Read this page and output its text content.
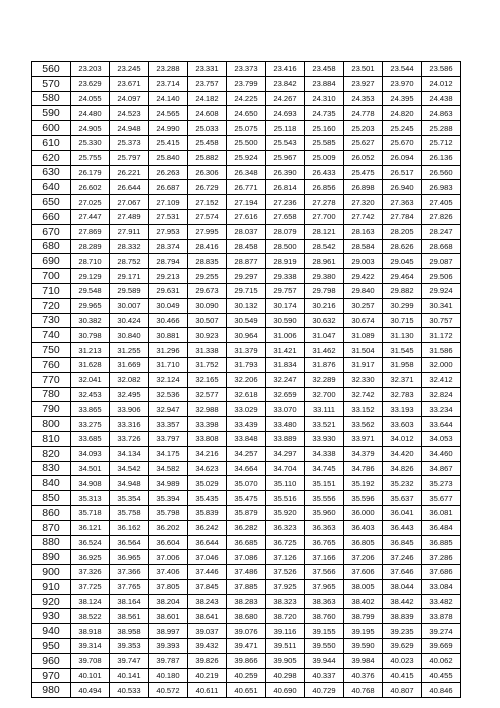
560	23.203	23.245	23.288	23.331	23.373	23.416	23.458	23.501	23.544	23.586
570	23.629	23.671	23.714	23.757	23.799	23.842	23.884	23.927	23.970	24.012
580	24.055	24.097	24.140	24.182	24.225	24.267	24.310	24.353	24.395	24.438
590	24.480	24.523	24.565	24.608	24.650	24.693	24.735	24.778	24.820	24.863
600	24.905	24.948	24.990	25.033	25.075	25.118	25.160	25.203	25.245	25.288
610	25.330	25.373	25.415	25.458	25.500	25.543	25.585	25.627	25.670	25.712
620	25.755	25.797	25.840	25.882	25.924	25.967	25.009	26.052	26.094	26.136
630	26.179	26.221	26.263	26.306	26.348	26.390	26.433	25.475	26.517	26.560
640	26.602	26.644	26.687	26.729	26.771	26.814	26.856	26.898	26.940	26.983
650	27.025	27.067	27.109	27.152	27.194	27.236	27.278	27.320	27.363	27.405
660	27.447	27.489	27.531	27.574	27.616	27.658	27.700	27.742	27.784	27.826
670	27.869	27.911	27.953	27.995	28.037	28.079	28.121	28.163	28.205	28.247
680	28.289	28.332	28.374	28.416	28.458	28.500	28.542	28.584	28.626	28.668
690	28.710	28.752	28.794	28.835	28.877	28.919	28.961	29.003	29.045	29.087
700	29.129	29.171	29.213	29.255	29.297	29.338	29.380	29.422	29.464	29.506
710	29.548	29.589	29.631	29.673	29.715	29.757	29.798	29.840	29.882	29.924
720	29.965	30.007	30.049	30.090	30.132	30.174	30.216	30.257	30.299	30.341
730	30.382	30.424	30.466	30.507	30.549	30.590	30.632	30.674	30.715	30.757
740	30.798	30.840	30.881	30.923	30.964	31.006	31.047	31.089	31.130	31.172
750	31.213	31.255	31.296	31.338	31.379	31.421	31.462	31.504	31.545	31.586
760	31.628	31.669	31.710	31.752	31.793	31.834	31.876	31.917	31.958	32.000
770	32.041	32.082	32.124	32.165	32.206	32.247	32.289	32.330	32.371	32.412
780	32.453	32.495	32.536	32.577	32.618	32.659	32.700	32.742	32.783	32.824
790	33.865	33.906	32.947	32.988	33.029	33.070	33.111	33.152	33.193	33.234
800	33.275	33.316	33.357	33.398	33.439	33.480	33.521	33.562	33.603	33.644
810	33.685	33.726	33.797	33.808	33.848	33.889	33.930	33.971	34.012	34.053
820	34.093	34.134	34.175	34.216	34.257	34.297	34.338	34.379	34.420	34.460
830	34.501	34.542	34.582	34.623	34.664	34.704	34.745	34.786	34.826	34.867
840	34.908	34.948	34.989	35.029	35.070	35.110	35.151	35.192	35.232	35.273
850	35.313	35.354	35.394	35.435	35.475	35.516	35.556	35.596	35.637	35.677
860	35.718	35.758	35.798	35.839	35.879	35.920	35.960	36.000	36.041	36.081
870	36.121	36.162	36.202	36.242	36.282	36.323	36.363	36.403	36.443	36.484
880	36.524	36.564	36.604	36.644	36.685	36.725	36.765	36.805	36.845	36.885
890	36.925	36.965	37.006	37.046	37.086	37.126	37.166	37.206	37.246	37.286
900	37.326	37.366	37.406	37.446	37.486	37.526	37.566	37.606	37.646	37.686
910	37.725	37.765	37.805	37.845	37.885	37.925	37.965	38.005	38.044	33.084
920	38.124	38.164	38.204	38.243	38.283	38.323	38.363	38.402	38.442	33.482
930	38.522	38.561	38.601	38.641	38.680	38.720	38.760	38.799	38.839	33.878
940	38.918	38.958	38.997	39.037	39.076	39.116	39.155	39.195	39.235	39.274
950	39.314	39.353	39.393	39.432	39.471	39.511	39.550	39.590	39.629	39.669
960	39.708	39.747	39.787	39.826	39.866	39.905	39.944	39.984	40.023	40.062
970	40.101	40.141	40.180	40.219	40.259	40.298	40.337	40.376	40.415	40.455
980	40.494	40.533	40.572	40.611	40.651	40.690	40.729	40.768	40.807	40.846
